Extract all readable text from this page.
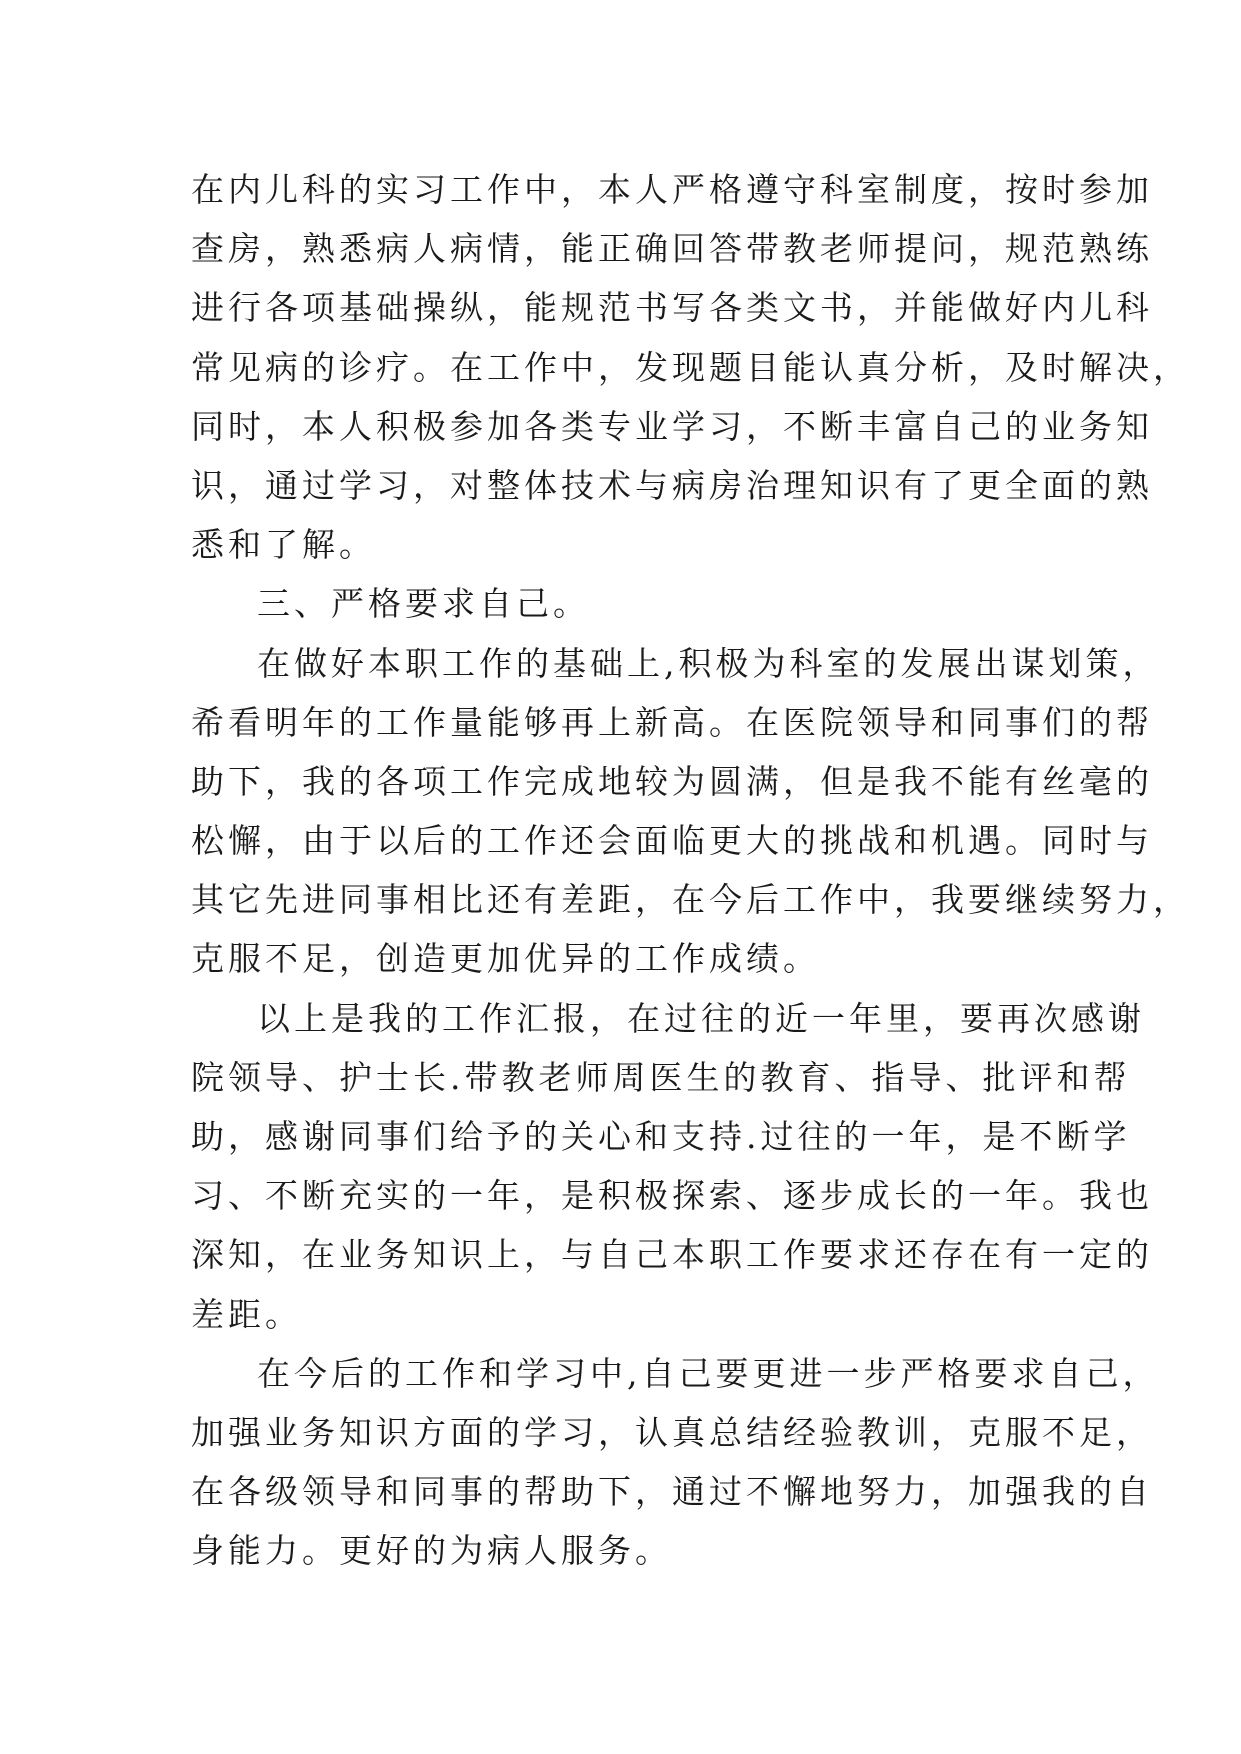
在内儿科的实习工作中，本人严格遵守科室制度，按时参加
查房，熟悉病人病情，能正确回答带教老师提问，规范熟练
进行各项基础操纵，能规范书写各类文书，并能做好内儿科
常见病的诊疗。在工作中，发现题目能认真分析，及时解决，
同时，本人积极参加各类专业学习，不断丰富自己的业务知
识，通过学习，对整体技术与病房治理知识有了更全面的熟
悉和了解。
三、严格要求自己。
在做好本职工作的基础上,积极为科室的发展出谋划策，
希看明年的工作量能够再上新高。在医院领导和同事们的帮
助下，我的各项工作完成地较为圆满，但是我不能有丝毫的
松懈，由于以后的工作还会面临更大的挑战和机遇。同时与
其它先进同事相比还有差距，在今后工作中，我要继续努力，
克服不足，创造更加优异的工作成绩。
以上是我的工作汇报，在过往的近一年里，要再次感谢
院领导、护士长.带教老师周医生的教育、指导、批评和帮
助，感谢同事们给予的关心和支持.过往的一年，是不断学
习、不断充实的一年，是积极探索、逐步成长的一年。我也
深知，在业务知识上，与自己本职工作要求还存在有一定的
差距。
在今后的工作和学习中,自己要更进一步严格要求自己，
加强业务知识方面的学习，认真总结经验教训，克服不足，
在各级领导和同事的帮助下，通过不懈地努力，加强我的自
身能力。更好的为病人服务。
